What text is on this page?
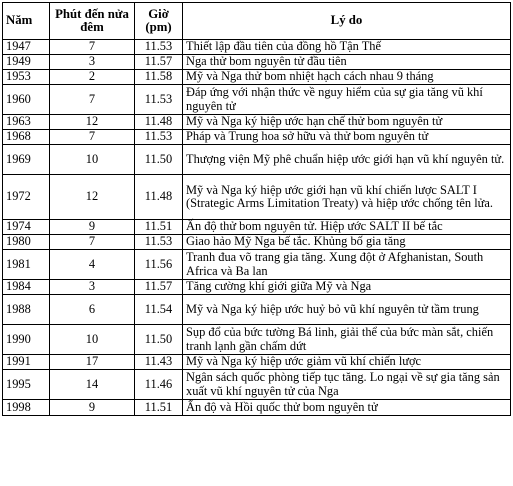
Năm	Phút đến nửa đêm	Giờ (pm)	Lý do
1947	7	11.53	Thiết lập đầu tiên của đồng hồ Tận Thế
1949	3	11.57	Nga thử bom nguyên tử đầu tiên
1953	2	11.58	Mỹ và Nga thử bom nhiệt hạch cách nhau 9 tháng
1960	7	11.53	Đáp ứng với nhận thức về nguy hiểm của sự gia tăng vũ khí nguyên tử
1963	12	11.48	Mỹ và Nga ký hiệp ước hạn chế thử bom nguyên tử
1968	7	11.53	Pháp và Trung hoa sở hữu và thử bom nguyên tử
1969	10	11.50	Thượng viện Mỹ phê chuẩn hiệp ước giới hạn vũ khí nguyên tử.
1972	12	11.48	Mỹ và Nga ký hiệp ước giới hạn vũ khí chiến lược SALT I (Strategic Arms Limitation Treaty) và hiệp ước chống tên lửa.
1974	9	11.51	Ấn độ thử bom nguyên tử. Hiệp ước SALT II bế tắc
1980	7	11.53	Giao hảo Mỹ Nga bế tắc. Khủng bố gia tăng
1981	4	11.56	Tranh đua võ trang gia tăng. Xung đột ở Afghanistan, South Africa và Ba lan
1984	3	11.57	Tăng cường khí giới giữa Mỹ và Nga
1988	6	11.54	Mỹ và Nga ký hiệp ước huỷ bỏ vũ khí nguyên tử tầm trung
1990	10	11.50	Sụp đổ của bức tường Bá linh, giải thể của bức màn sắt, chiến tranh lạnh gần chấm dứt
1991	17	11.43	Mỹ và Nga ký hiệp ước giảm vũ khí chiến lược
1995	14	11.46	Ngân sách quốc phòng tiếp tục tăng. Lo ngại về sự gia tăng sản xuất vũ khí nguyên tử của Nga
1998	9	11.51	Ấn độ và Hồi quốc thử bom nguyên tử
